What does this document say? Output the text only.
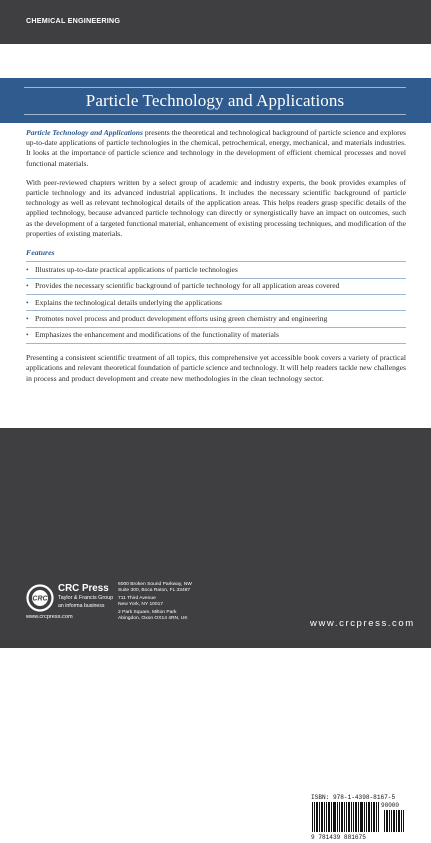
CHEMICAL ENGINEERING
Particle Technology and Applications

Particle Technology and Applications presents the theoretical and technological background of particle science and explores up-to-date applications of particle technologies in the chemical, petrochemical, energy, mechanical, and materials industries. It looks at the importance of particle science and technology in the development of efficient chemical processes and novel functional materials.

With peer-reviewed chapters written by a select group of academic and industry experts, the book provides examples of particle technology and its advanced industrial applications. It includes the necessary scientific background of particle technology as well as relevant technological details of the application areas. This helps readers grasp specific details of the applied technology, because advanced particle technology can directly or synergistically have an impact on outcomes, such as the development of a targeted functional material, enhancement of existing processing techniques, and modification of the properties of existing materials.

Features
• Illustrates up-to-date practical applications of particle technologies
• Provides the necessary scientific background of particle technology for all application areas covered
• Explains the technological details underlying the applications
• Promotes novel process and product development efforts using green chemistry and engineering
• Emphasizes the enhancement and modifications of the functionality of materials

Presenting a consistent scientific treatment of all topics, this comprehensive yet accessible book covers a variety of practical applications and relevant theoretical foundation of particle science and technology. It will help readers tackle new challenges in process and product development and create new methodologies in the clean technology sector.

K13847
ISBN: 978-1-4398-8167-5
90000
9 781439 881675
CRC
CRC Press
Taylor & Francis Group
an informa business
www.crcpress.com
6000 Broken Sound Parkway, NW
Suite 300, Boca Raton, FL 33487
711 Third Avenue
New York, NY 10017
2 Park Square, Milton Park
Abingdon, Oxon OX14 4RN, UK	www.crcpress.com
